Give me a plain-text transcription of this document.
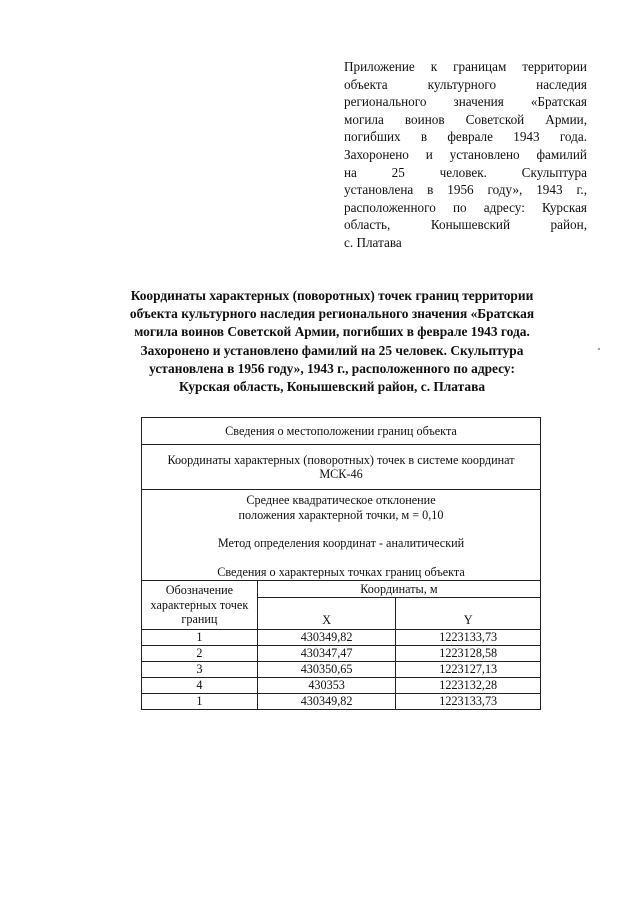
Приложение к границам территории
объекта культурного наследия
регионального значения «Братская
могила воинов Советской Армии,
погибших в феврале 1943 года.
Захоронено и установлено фамилий
на 25 человек. Скульптура
установлена в 1956 году», 1943 г.,
расположенного по адресу: Курская
область, Конышевский район,
с. Платава
Координаты характерных (поворотных) точек границ территории
объекта культурного наследия регионального значения «Братская
могила воинов Советской Армии, погибших в феврале 1943 года.
Захоронено и установлено фамилий на 25 человек. Скульптура
установлена в 1956 году», 1943 г., расположенного по адресу:
Курская область, Конышевский район, с. Платава
Сведения о местоположении границ объекта		

Координаты характерных (поворотных) точек в системе координат
МСК-46		

Среднее квадратическое отклонение
положения характерной точки, м = 0,10
Метод определения координат - аналитический
Сведения о характерных точках границ объекта		

Обозначение
характерных точек
границ	Координаты, м	
	X	Y
1	430349,82	1223133,73
2	430347,47	1223128,58
3	430350,65	1223127,13
4	430353	1223132,28
1	430349,82	1223133,73
